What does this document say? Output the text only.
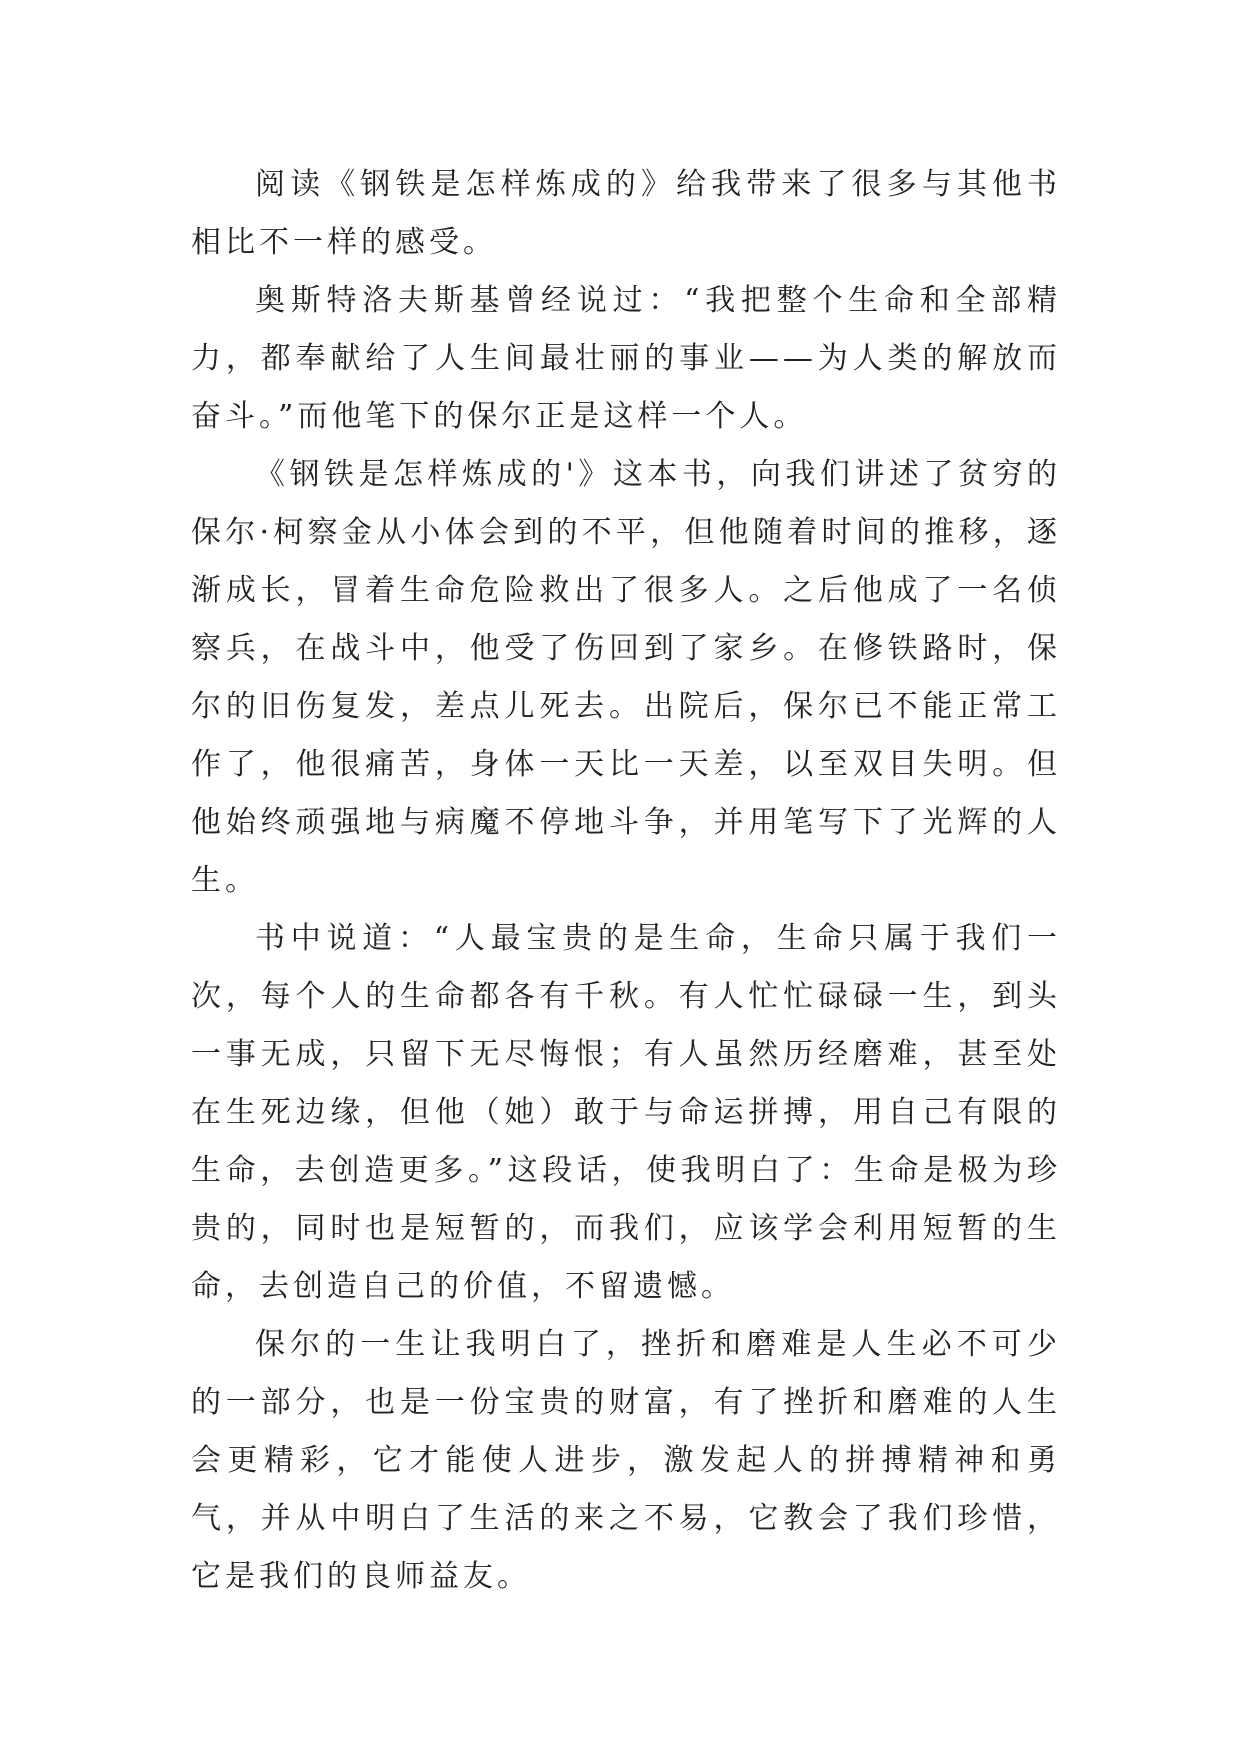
阅读《钢铁是怎样炼成的》给我带来了很多与其他书相比不一样的感受。

奥斯特洛夫斯基曾经说过：“我把整个生命和全部精力，都奉献给了人生间最壮丽的事业——为人类的解放而奋斗。”而他笔下的保尔正是这样一个人。

《钢铁是怎样炼成的'》这本书，向我们讲述了贫穷的保尔·柯察金从小体会到的不平，但他随着时间的推移，逐渐成长，冒着生命危险救出了很多人。之后他成了一名侦察兵，在战斗中，他受了伤回到了家乡。在修铁路时，保尔的旧伤复发，差点儿死去。出院后，保尔已不能正常工作了，他很痛苦，身体一天比一天差，以至双目失明。但他始终顽强地与病魔不停地斗争，并用笔写下了光辉的人生。

书中说道：“人最宝贵的是生命，生命只属于我们一次，每个人的生命都各有千秋。有人忙忙碌碌一生，到头一事无成，只留下无尽悔恨；有人虽然历经磨难，甚至处在生死边缘，但他（她）敢于与命运拼搏，用自己有限的生命，去创造更多。”这段话，使我明白了：生命是极为珍贵的，同时也是短暂的，而我们，应该学会利用短暂的生命，去创造自己的价值，不留遗憾。

保尔的一生让我明白了，挫折和磨难是人生必不可少的一部分，也是一份宝贵的财富，有了挫折和磨难的人生会更精彩，它才能使人进步，激发起人的拼搏精神和勇气，并从中明白了生活的来之不易，它教会了我们珍惜，它是我们的良师益友。
